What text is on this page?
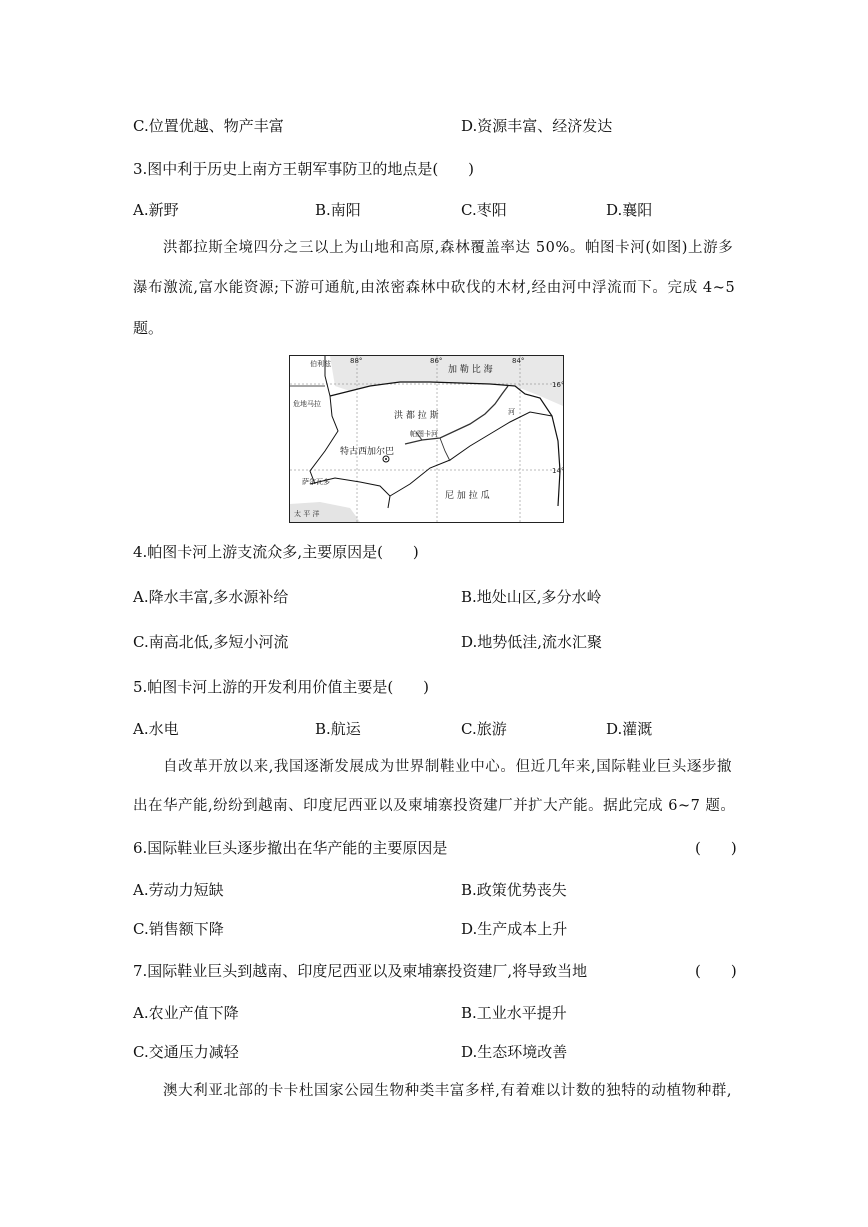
C.位置优越、物产丰富	D.资源丰富、经济发达
3.图中利于历史上南方王朝军事防卫的地点是(　　)
A.新野	B.南阳	C.枣阳	D.襄阳
洪都拉斯全境四分之三以上为山地和高原,森林覆盖率达 50%。帕图卡河(如图)上游多
瀑布激流,富水能资源;下游可通航,由浓密森林中砍伐的木材,经由河中浮流而下。完成 4~5
题。
88°	86°	84°
16°
14°
加 勒 比 海
伯利兹
危地马拉
洪 都 拉 斯
特古西加尔巴
萨尔瓦多
尼 加 拉 瓜
太 平 洋
帕图卡河
河
4.帕图卡河上游支流众多,主要原因是(　　)
A.降水丰富,多水源补给	B.地处山区,多分水岭
C.南高北低,多短小河流	D.地势低洼,流水汇聚
5.帕图卡河上游的开发利用价值主要是(　　)
A.水电	B.航运	C.旅游	D.灌溉
自改革开放以来,我国逐渐发展成为世界制鞋业中心。但近几年来,国际鞋业巨头逐步撤
出在华产能,纷纷到越南、印度尼西亚以及柬埔寨投资建厂并扩大产能。据此完成 6~7 题。
6.国际鞋业巨头逐步撤出在华产能的主要原因是	(　　)
A.劳动力短缺	B.政策优势丧失
C.销售额下降	D.生产成本上升
7.国际鞋业巨头到越南、印度尼西亚以及柬埔寨投资建厂,将导致当地	(　　)
A.农业产值下降	B.工业水平提升
C.交通压力减轻	D.生态环境改善
澳大利亚北部的卡卡杜国家公园生物种类丰富多样,有着难以计数的独特的动植物种群,
